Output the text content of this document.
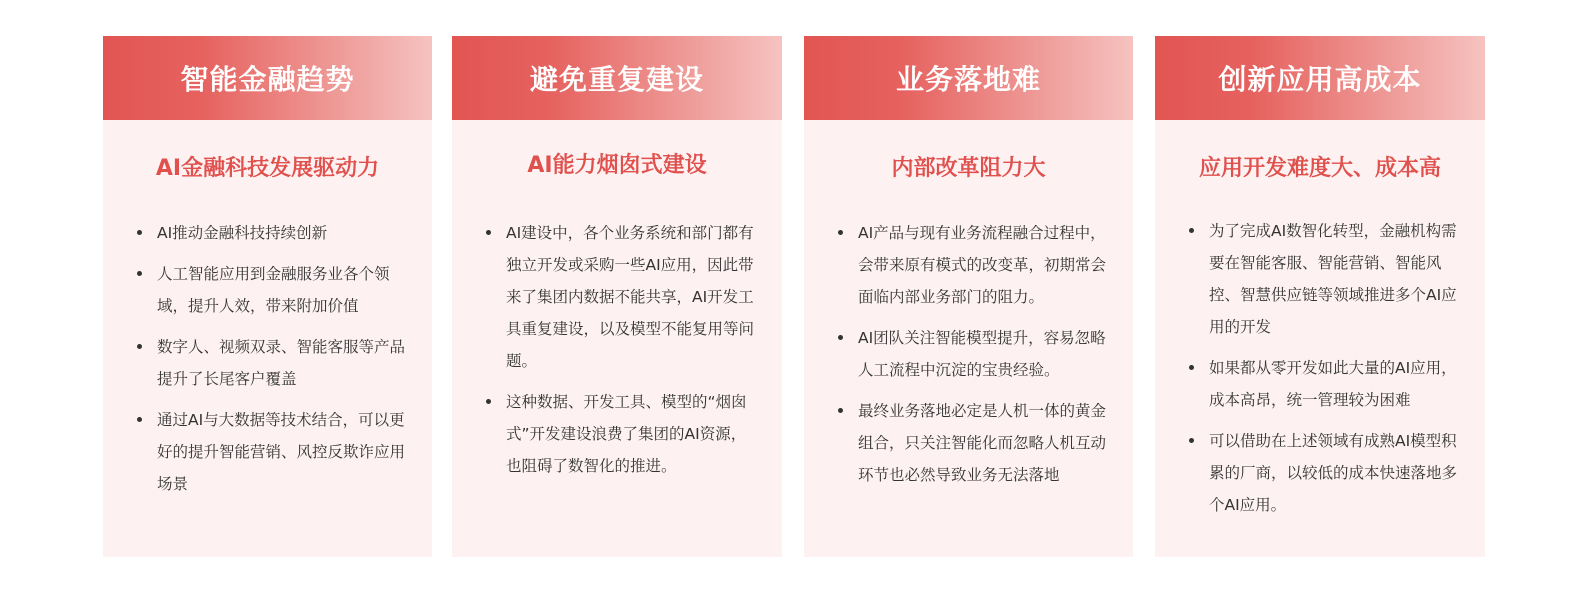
智能金融趋势
AI金融科技发展驱动力
AI推动金融科技持续创新
人工智能应用到金融服务业各个领域，提升人效，带来附加价值
数字人、视频双录、智能客服等产品提升了长尾客户覆盖
通过AI与大数据等技术结合，可以更好的提升智能营销、风控反欺诈应用场景
避免重复建设
AI能力烟囱式建设
AI建设中，各个业务系统和部门都有独立开发或采购一些AI应用，因此带来了集团内数据不能共享，AI开发工具重复建设，以及模型不能复用等问题。
这种数据、开发工具、模型的“烟囱式”开发建设浪费了集团的AI资源，也阻碍了数智化的推进。
业务落地难
内部改革阻力大
AI产品与现有业务流程融合过程中，会带来原有模式的改变革，初期常会面临内部业务部门的阻力。
AI团队关注智能模型提升，容易忽略人工流程中沉淀的宝贵经验。
最终业务落地必定是人机一体的黄金组合，只关注智能化而忽略人机互动环节也必然导致业务无法落地
创新应用高成本
应用开发难度大、成本高
为了完成AI数智化转型，金融机构需要在智能客服、智能营销、智能风控、智慧供应链等领域推进多个AI应用的开发
如果都从零开发如此大量的AI应用，成本高昂，统一管理较为困难
可以借助在上述领域有成熟AI模型积累的厂商，以较低的成本快速落地多个AI应用。
